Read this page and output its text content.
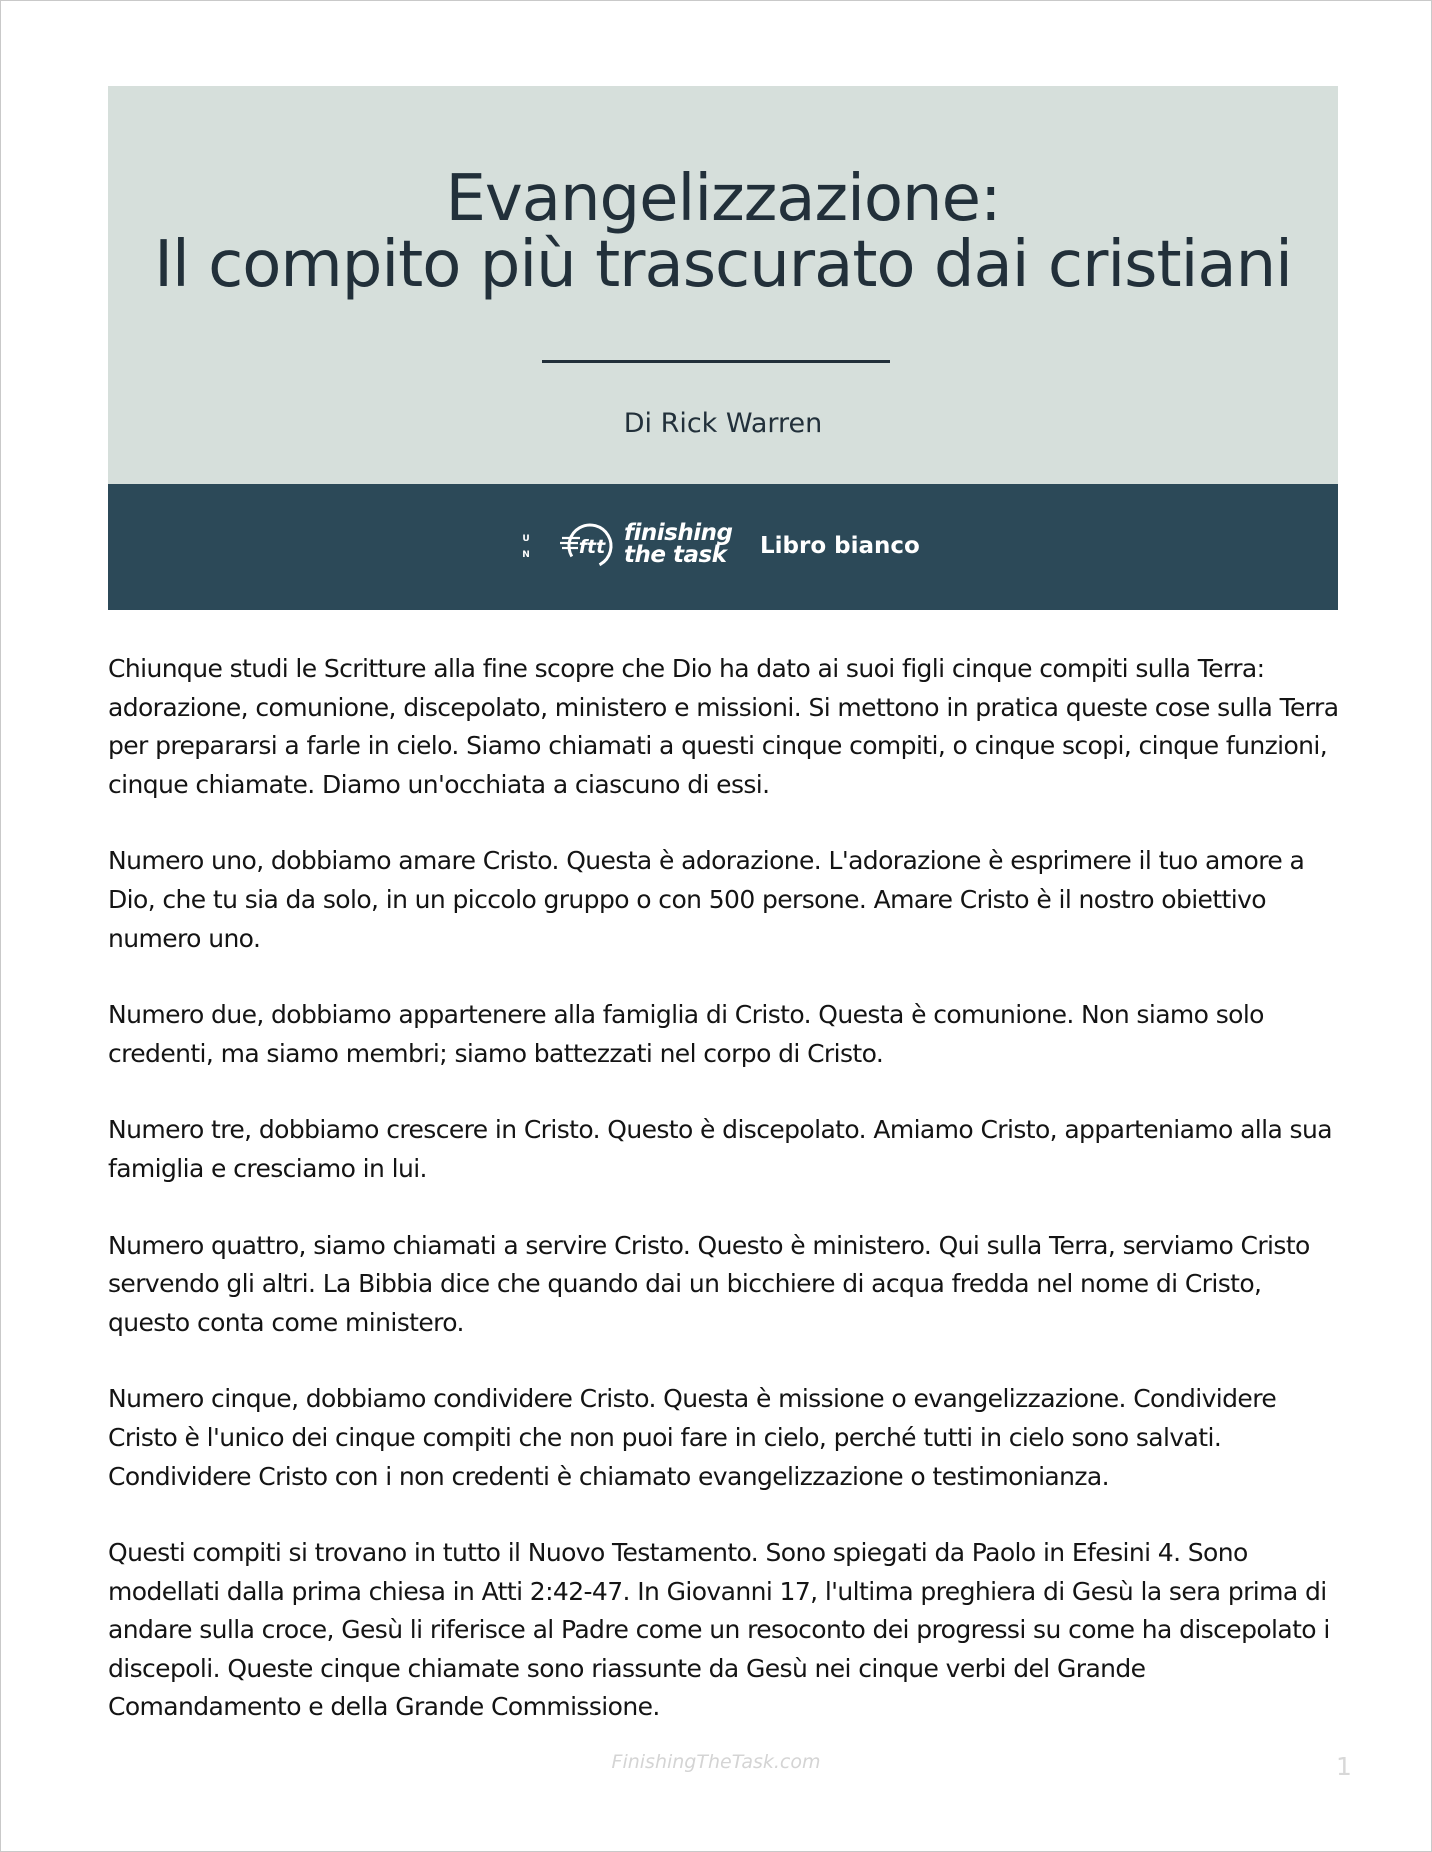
Evangelizzazione:
Il compito più trascurato dai cristiani
Di Rick Warren
U
N	ftt
finishing
the task Libro bianco

Chiunque studi le Scritture alla fine scopre che Dio ha dato ai suoi figli cinque compiti sulla Terra: adorazione, comunione, discepolato, ministero e missioni. Si mettono in pratica queste cose sulla Terra per prepararsi a farle in cielo. Siamo chiamati a questi cinque compiti, o cinque scopi, cinque funzioni, cinque chiamate. Diamo un'occhiata a ciascuno di essi.

Numero uno, dobbiamo amare Cristo. Questa è adorazione. L'adorazione è esprimere il tuo amore a Dio, che tu sia da solo, in un piccolo gruppo o con 500 persone. Amare Cristo è il nostro obiettivo numero uno.

Numero due, dobbiamo appartenere alla famiglia di Cristo. Questa è comunione. Non siamo solo credenti, ma siamo membri; siamo battezzati nel corpo di Cristo.

Numero tre, dobbiamo crescere in Cristo. Questo è discepolato. Amiamo Cristo, apparteniamo alla sua famiglia e cresciamo in lui.

Numero quattro, siamo chiamati a servire Cristo. Questo è ministero. Qui sulla Terra, serviamo Cristo servendo gli altri. La Bibbia dice che quando dai un bicchiere di acqua fredda nel nome di Cristo, questo conta come ministero.

Numero cinque, dobbiamo condividere Cristo. Questa è missione o evangelizzazione. Condividere Cristo è l'unico dei cinque compiti che non puoi fare in cielo, perché tutti in cielo sono salvati. Condividere Cristo con i non credenti è chiamato evangelizzazione o testimonianza.

Questi compiti si trovano in tutto il Nuovo Testamento. Sono spiegati da Paolo in Efesini 4. Sono modellati dalla prima chiesa in Atti 2:42-47. In Giovanni 17, l'ultima preghiera di Gesù la sera prima di andare sulla croce, Gesù li riferisce al Padre come un resoconto dei progressi su come ha discepolato i discepoli. Queste cinque chiamate sono riassunte da Gesù nei cinque verbi del Grande Comandamento e della Grande Commissione.

FinishingTheTask.com	1
